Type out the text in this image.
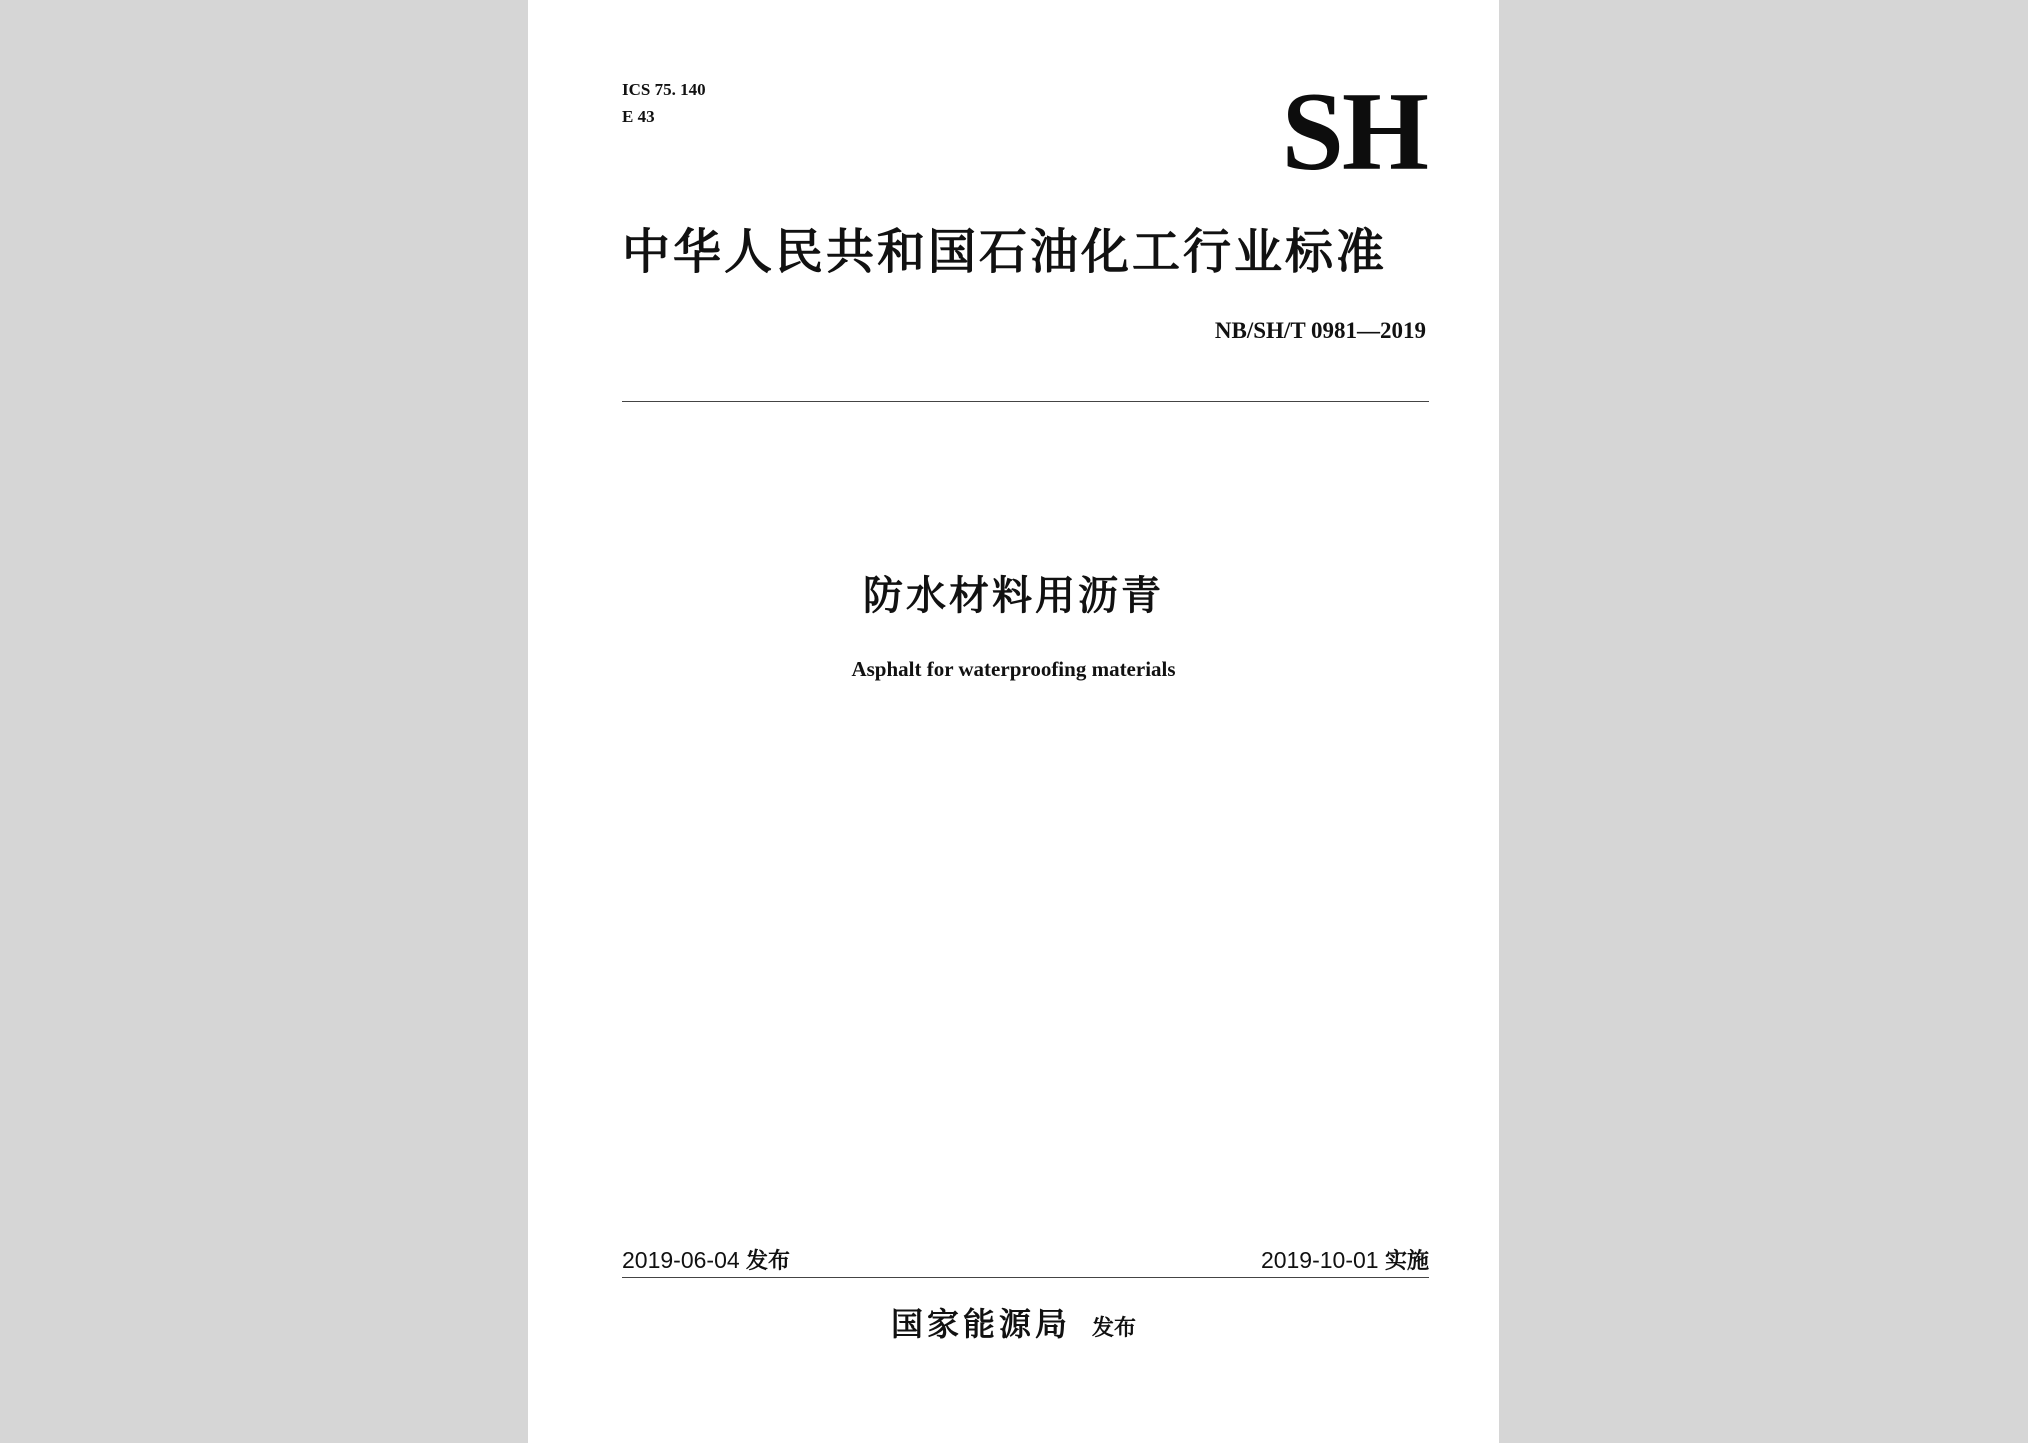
ICS 75. 140
E 43	SH
中华人民共和国石油化工行业标准
NB/SH/T 0981—2019
防水材料用沥青
Asphalt for waterproofing materials
2019-06-04 发布	2019-10-01 实施
国家能源局 发布
